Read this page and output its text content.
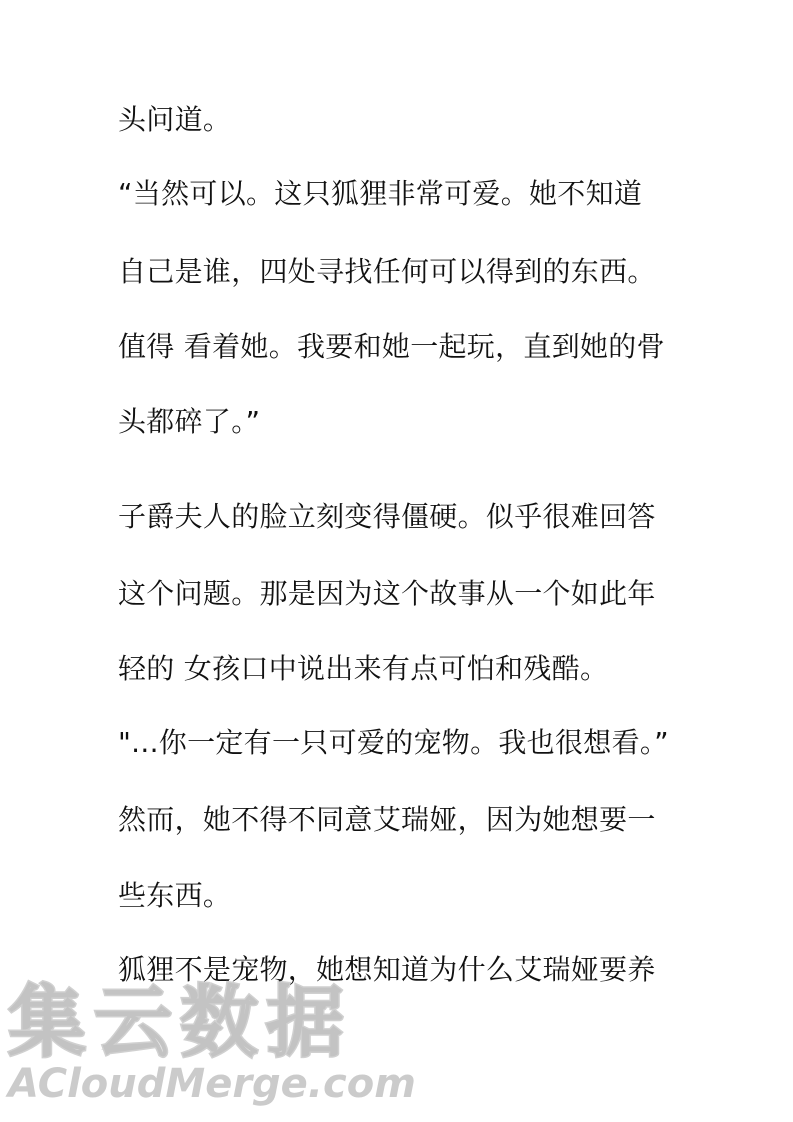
头问道。
“当然可以。这只狐狸非常可爱。她不知道
自己是谁，四处寻找任何可以得到的东西。
值得 看着她。我要和她一起玩，直到她的骨
头都碎了。”
子爵夫人的脸立刻变得僵硬。似乎很难回答
这个问题。那是因为这个故事从一个如此年
轻的 女孩口中说出来有点可怕和残酷。
"...你一定有一只可爱的宠物。我也很想看。”
然而，她不得不同意艾瑞娅，因为她想要一
些东西。
狐狸不是宠物，她想知道为什么艾瑞娅要养
集云数据
ACloudMerge.com
